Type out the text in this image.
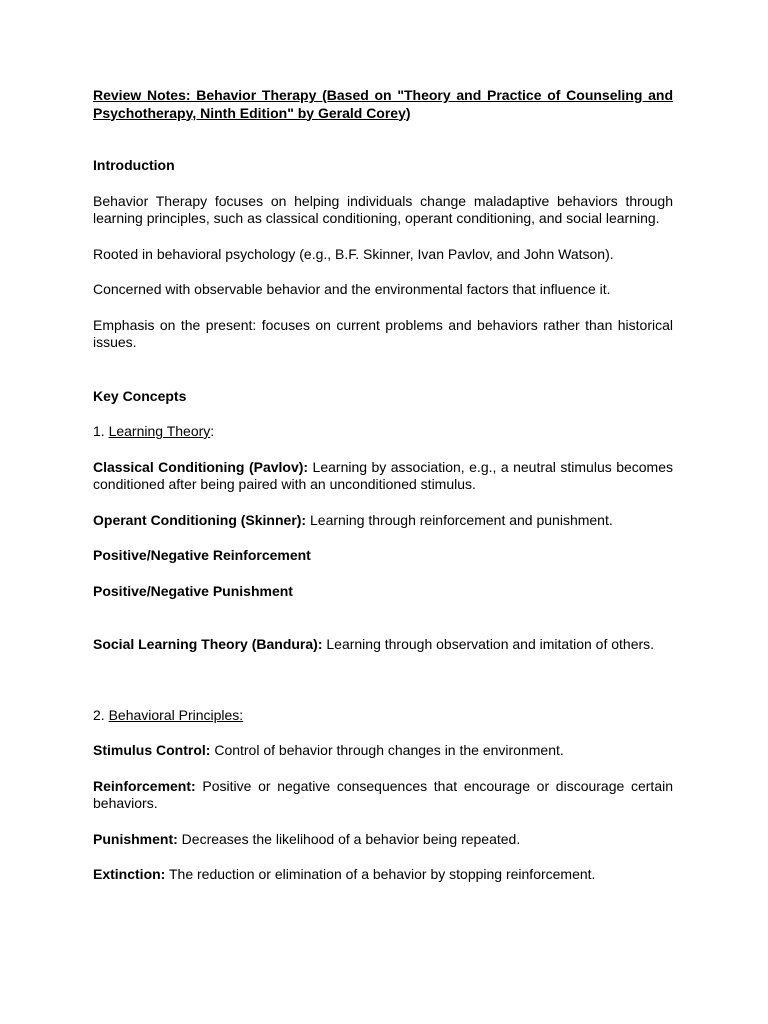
Review Notes: Behavior Therapy (Based on "Theory and Practice of Counseling and Psychotherapy, Ninth Edition" by Gerald Corey)

Introduction

Behavior Therapy focuses on helping individuals change maladaptive behaviors through learning principles, such as classical conditioning, operant conditioning, and social learning.

Rooted in behavioral psychology (e.g., B.F. Skinner, Ivan Pavlov, and John Watson).

Concerned with observable behavior and the environmental factors that influence it.

Emphasis on the present: focuses on current problems and behaviors rather than historical issues.

Key Concepts

1. Learning Theory:

Classical Conditioning (Pavlov): Learning by association, e.g., a neutral stimulus becomes conditioned after being paired with an unconditioned stimulus.

Operant Conditioning (Skinner): Learning through reinforcement and punishment.

Positive/Negative Reinforcement

Positive/Negative Punishment

Social Learning Theory (Bandura): Learning through observation and imitation of others.

2. Behavioral Principles:

Stimulus Control: Control of behavior through changes in the environment.

Reinforcement: Positive or negative consequences that encourage or discourage certain behaviors.

Punishment: Decreases the likelihood of a behavior being repeated.

Extinction: The reduction or elimination of a behavior by stopping reinforcement.
